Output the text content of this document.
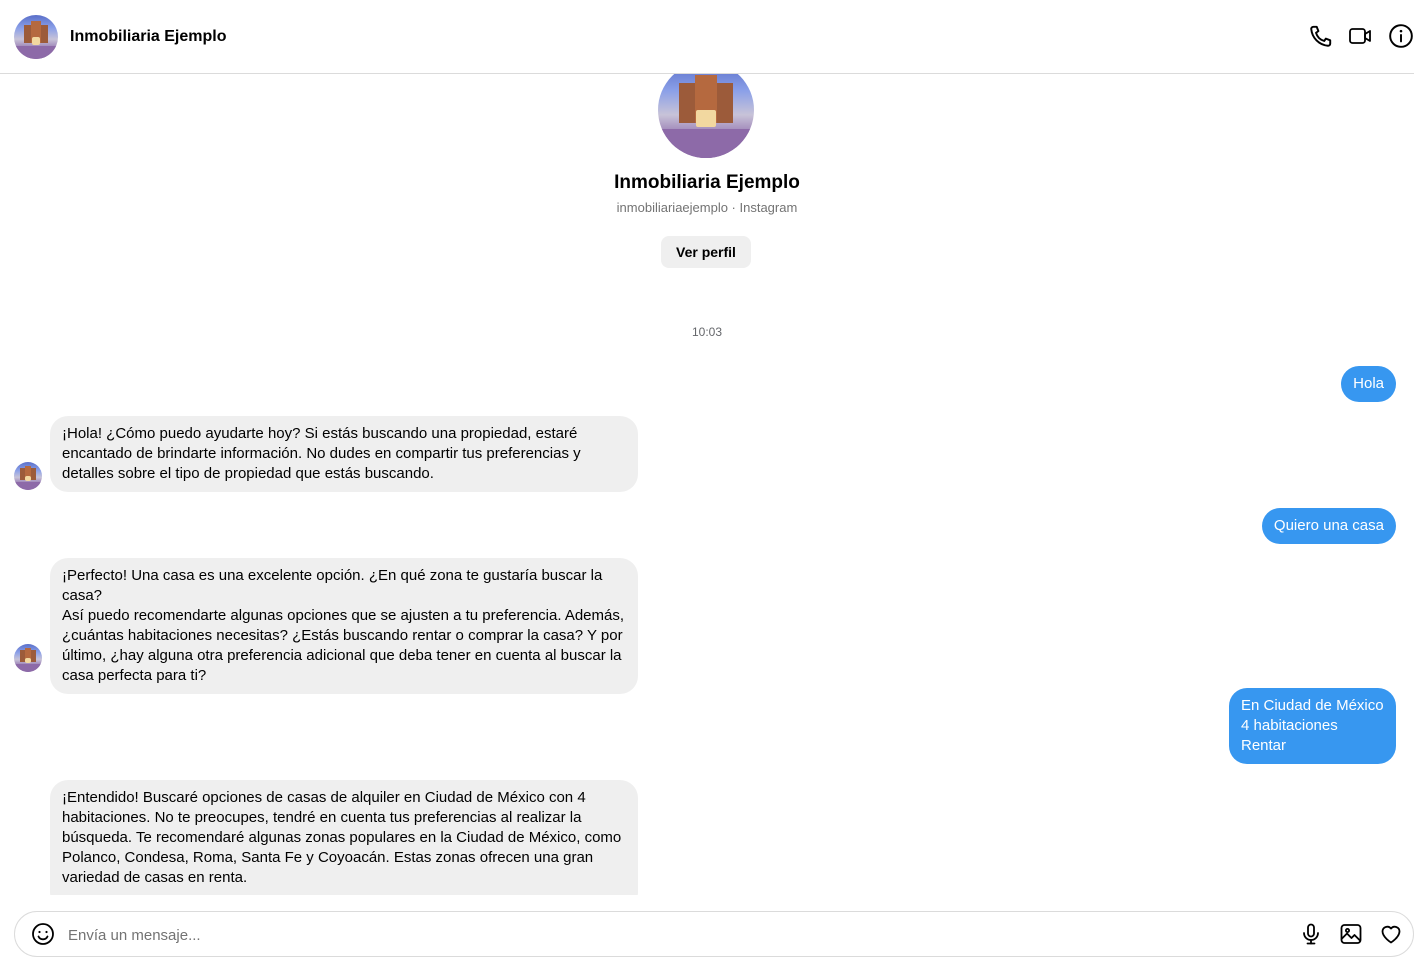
Inmobiliaria Ejemplo
Inmobiliaria Ejemplo
inmobiliariaejemplo · Instagram
Ver perfil
10:03
Hola
¡Hola! ¿Cómo puedo ayudarte hoy? Si estás buscando una propiedad, estaré
encantado de brindarte información. No dudes en compartir tus preferencias y
detalles sobre el tipo de propiedad que estás buscando.
Quiero una casa
¡Perfecto! Una casa es una excelente opción. ¿En qué zona te gustaría buscar la casa?
Así puedo recomendarte algunas opciones que se ajusten a tu preferencia. Además,
¿cuántas habitaciones necesitas? ¿Estás buscando rentar o comprar la casa? Y por
último, ¿hay alguna otra preferencia adicional que deba tener en cuenta al buscar la
casa perfecta para ti?
En Ciudad de México
4 habitaciones
Rentar
¡Entendido! Buscaré opciones de casas de alquiler en Ciudad de México con 4
habitaciones. No te preocupes, tendré en cuenta tus preferencias al realizar la
búsqueda. Te recomendaré algunas zonas populares en la Ciudad de México, como
Polanco, Condesa, Roma, Santa Fe y Coyoacán. Estas zonas ofrecen una gran
variedad de casas en renta.
Envía un mensaje...
